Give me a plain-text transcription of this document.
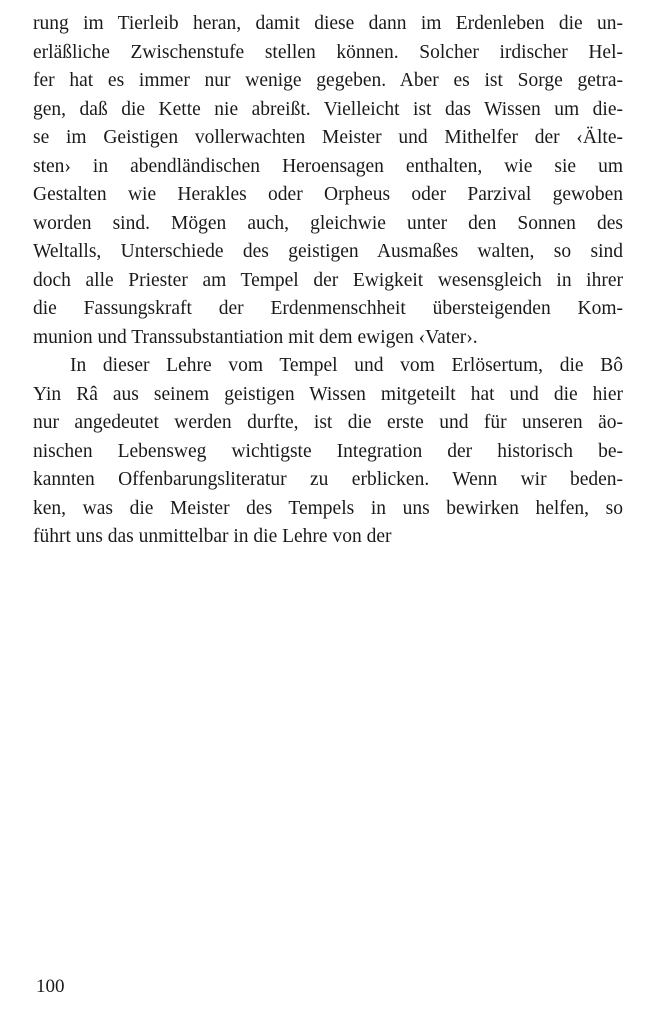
rung im Tierleib heran, damit diese dann im Erdenleben die un-
erläßliche Zwischenstufe stellen können. Solcher irdischer Hel-
fer hat es immer nur wenige gegeben. Aber es ist Sorge getra-
gen, daß die Kette nie abreißt. Vielleicht ist das Wissen um die-
se im Geistigen vollerwachten Meister und Mithelfer der ‹Älte-
sten› in abendländischen Heroensagen enthalten, wie sie um
Gestalten wie Herakles oder Orpheus oder Parzival gewoben
worden sind. Mögen auch, gleichwie unter den Sonnen des
Weltalls, Unterschiede des geistigen Ausmaßes walten, so sind
doch alle Priester am Tempel der Ewigkeit wesensgleich in ihrer
die Fassungskraft der Erdenmenschheit übersteigenden Kom-
munion und Transsubstantiation mit dem ewigen ‹Vater›.
In dieser Lehre vom Tempel und vom Erlösertum, die Bô
Yin Râ aus seinem geistigen Wissen mitgeteilt hat und die hier
nur angedeutet werden durfte, ist die erste und für unseren äo-
nischen Lebensweg wichtigste Integration der historisch be-
kannten Offenbarungsliteratur zu erblicken. Wenn wir beden-
ken, was die Meister des Tempels in uns bewirken helfen, so
führt uns das unmittelbar in die Lehre von der
100
